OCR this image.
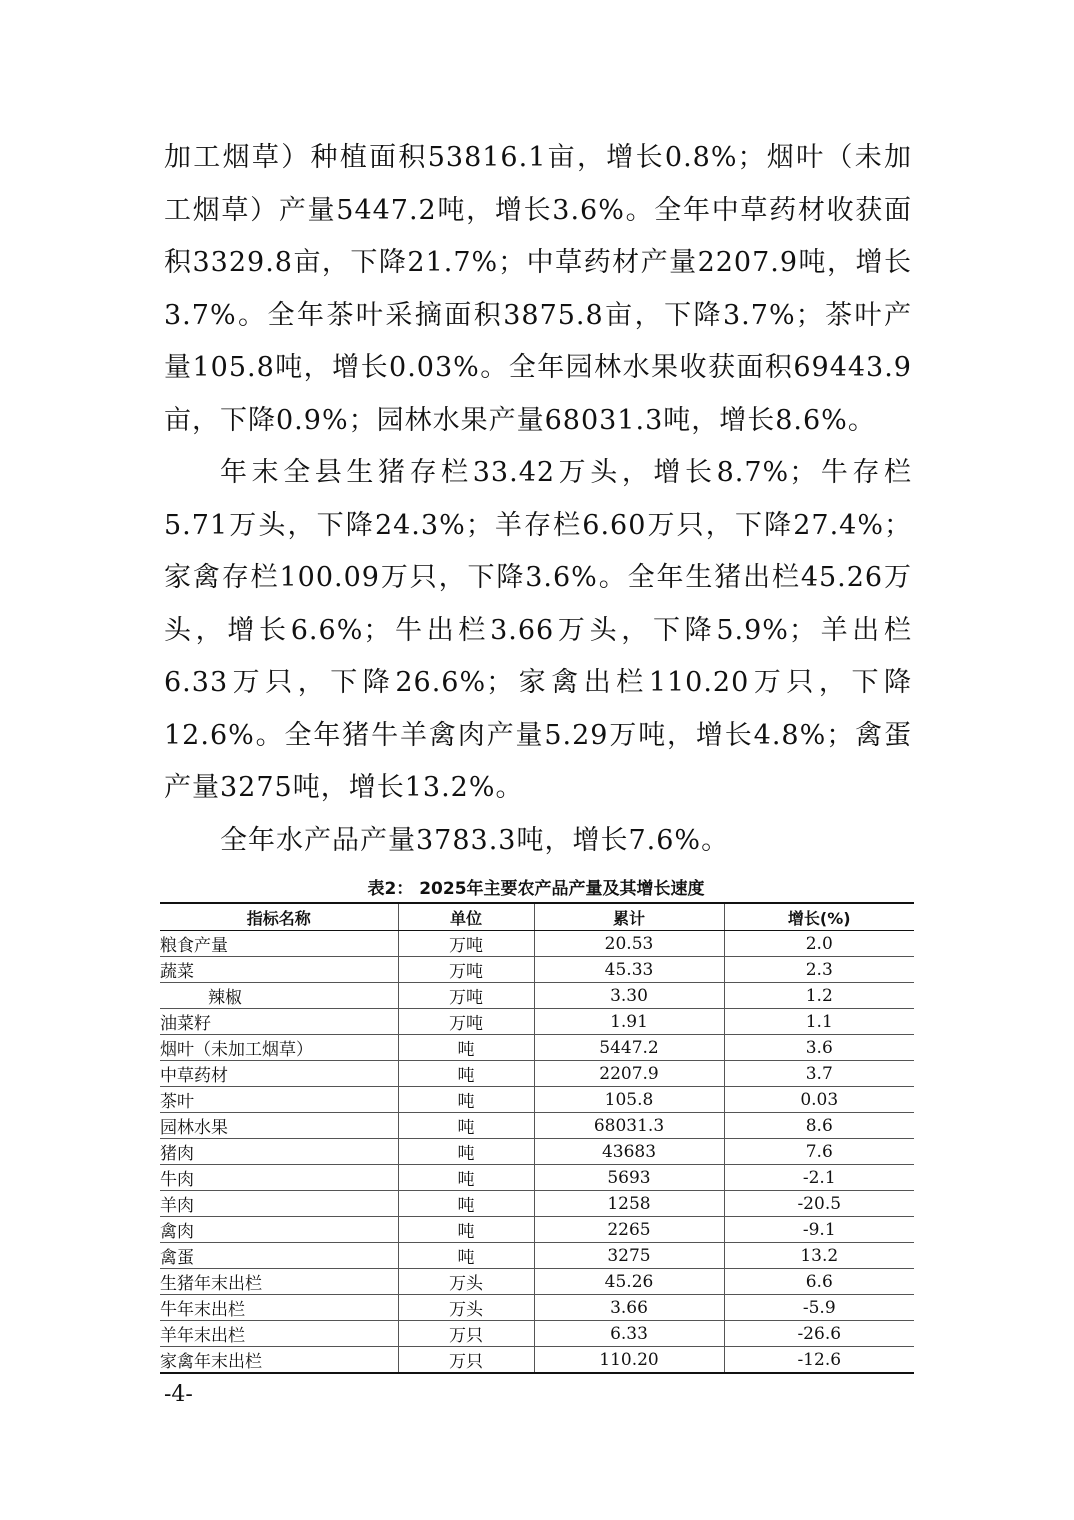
加工烟草）种植面积53816.1亩，增长0.8%；烟叶（未加工烟草）产量5447.2吨，增长3.6%。全年中草药材收获面积3329.8亩，下降21.7%；中草药材产量2207.9吨，增长3.7%。全年茶叶采摘面积3875.8亩，下降3.7%；茶叶产量105.8吨，增长0.03%。全年园林水果收获面积69443.9亩，下降0.9%；园林水果产量68031.3吨，增长8.6%。

年末全县生猪存栏33.42万头，增长8.7%；牛存栏5.71万头，下降24.3%；羊存栏6.60万只，下降27.4%；家禽存栏100.09万只，下降3.6%。全年生猪出栏45.26万头，增长6.6%；牛出栏3.66万头，下降5.9%；羊出栏6.33万只，下降26.6%；家禽出栏110.20万只，下降12.6%。全年猪牛羊禽肉产量5.29万吨，增长4.8%；禽蛋产量3275吨，增长13.2%。

全年水产品产量3783.3吨，增长7.6%。

表2： 2025年主要农产品产量及其增长速度
指标名称	单位	累计	增长(%)
粮食产量	万吨	20.53	2.0
蔬菜	万吨	45.33	2.3
辣椒	万吨	3.30	1.2
油菜籽	万吨	1.91	1.1
烟叶（未加工烟草）	吨	5447.2	3.6
中草药材	吨	2207.9	3.7
茶叶	吨	105.8	0.03
园林水果	吨	68031.3	8.6
猪肉	吨	43683	7.6
牛肉	吨	5693	-2.1
羊肉	吨	1258	-20.5
禽肉	吨	2265	-9.1
禽蛋	吨	3275	13.2
生猪年末出栏	万头	45.26	6.6
牛年末出栏	万头	3.66	-5.9
羊年末出栏	万只	6.33	-26.6
家禽年末出栏	万只	110.20	-12.6
-4-
